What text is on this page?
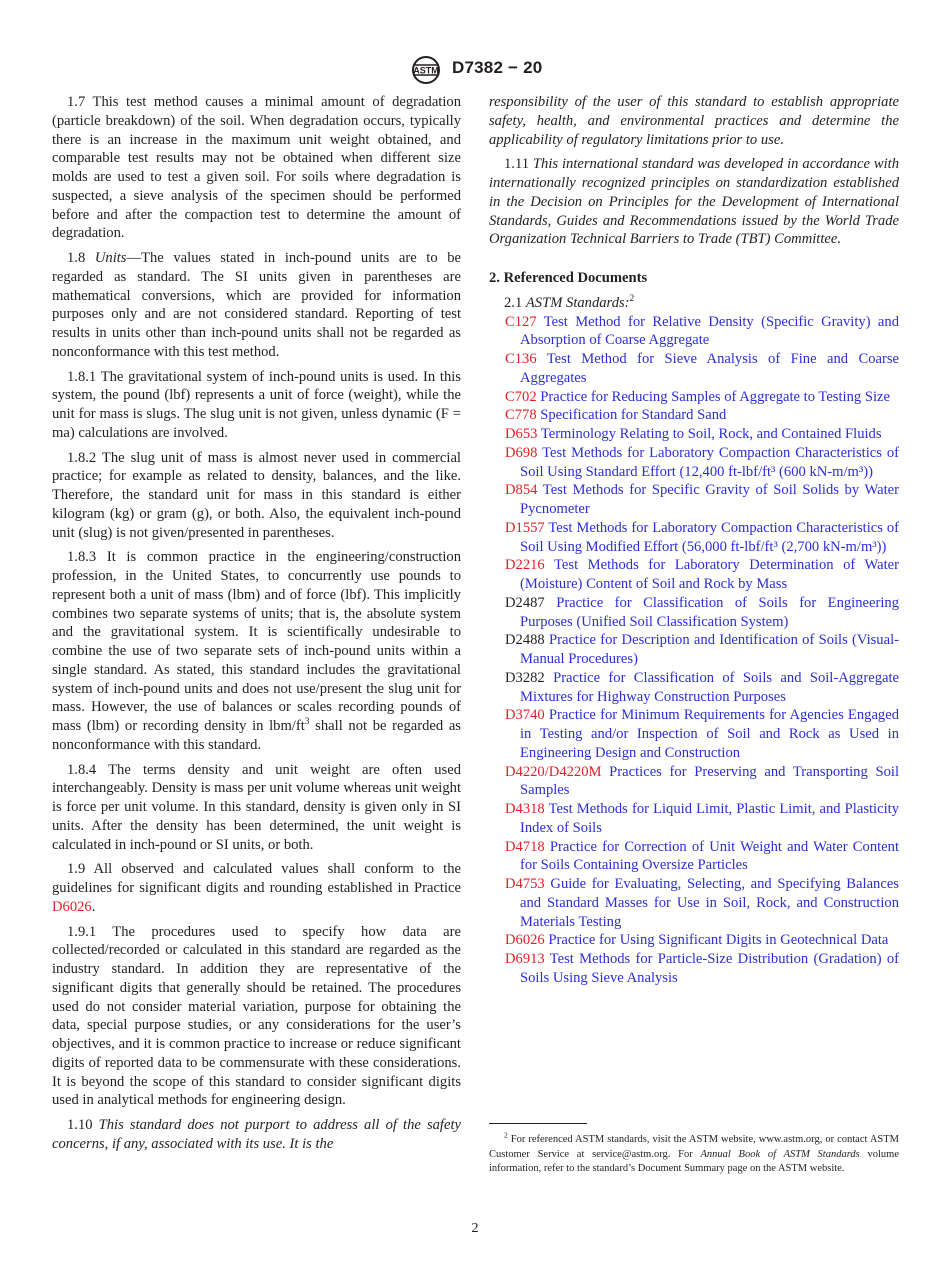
ASTM D7382 − 20

1.7 This test method causes a minimal amount of degradation (particle breakdown) of the soil. When degradation occurs, typically there is an increase in the maximum unit weight obtained, and comparable test results may not be obtained when different size molds are used to test a given soil. For soils where degradation is suspected, a sieve analysis of the specimen should be performed before and after the compaction test to determine the amount of degradation.

1.8 Units—The values stated in inch-pound units are to be regarded as standard. The SI units given in parentheses are mathematical conversions, which are provided for information purposes only and are not considered standard. Reporting of test results in units other than inch-pound units shall not be regarded as nonconformance with this test method.

1.8.1 The gravitational system of inch-pound units is used. In this system, the pound (lbf) represents a unit of force (weight), while the unit for mass is slugs. The slug unit is not given, unless dynamic (F = ma) calculations are involved.

1.8.2 The slug unit of mass is almost never used in commercial practice; for example as related to density, balances, and the like. Therefore, the standard unit for mass in this standard is either kilogram (kg) or gram (g), or both. Also, the equivalent inch-pound unit (slug) is not given/presented in parentheses.

1.8.3 It is common practice in the engineering/construction profession, in the United States, to concurrently use pounds to represent both a unit of mass (lbm) and of force (lbf). This implicitly combines two separate systems of units; that is, the absolute system and the gravitational system. It is scientifically undesirable to combine the use of two separate sets of inch-pound units within a single standard. As stated, this standard includes the gravitational system of inch-pound units and does not use/present the slug unit for mass. However, the use of balances or scales recording pounds of mass (lbm) or recording density in lbm/$ft^3$ shall not be regarded as nonconformance with this standard.

1.8.4 The terms density and unit weight are often used interchangeably. Density is mass per unit volume whereas unit weight is force per unit volume. In this standard, density is given only in SI units. After the density has been determined, the unit weight is calculated in inch-pound or SI units, or both.

1.9 All observed and calculated values shall conform to the guidelines for significant digits and rounding established in Practice D6026.

1.9.1 The procedures used to specify how data are collected/recorded or calculated in this standard are regarded as the industry standard. In addition they are representative of the significant digits that generally should be retained. The procedures used do not consider material variation, purpose for obtaining the data, special purpose studies, or any considerations for the user’s objectives, and it is common practice to increase or reduce significant digits of reported data to be commensurate with these considerations. It is beyond the scope of this standard to consider significant digits used in analytical methods for engineering design.

1.10 This standard does not purport to address all of the safety concerns, if any, associated with its use. It is the

responsibility of the user of this standard to establish appropriate safety, health, and environmental practices and determine the applicability of regulatory limitations prior to use.

1.11 This international standard was developed in accordance with internationally recognized principles on standardization established in the Decision on Principles for the Development of International Standards, Guides and Recommendations issued by the World Trade Organization Technical Barriers to Trade (TBT) Committee.

2. Referenced Documents

2.1 ASTM Standards:$^2$

C127 Test Method for Relative Density (Specific Gravity) and Absorption of Coarse Aggregate
C136 Test Method for Sieve Analysis of Fine and Coarse Aggregates
C702 Practice for Reducing Samples of Aggregate to Testing Size
C778 Specification for Standard Sand
D653 Terminology Relating to Soil, Rock, and Contained Fluids
D698 Test Methods for Laboratory Compaction Characteristics of Soil Using Standard Effort (12,400 ft-lbf/ft³ (600 kN-m/m³))
D854 Test Methods for Specific Gravity of Soil Solids by Water Pycnometer
D1557 Test Methods for Laboratory Compaction Characteristics of Soil Using Modified Effort (56,000 ft-lbf/ft³ (2,700 kN-m/m³))
D2216 Test Methods for Laboratory Determination of Water (Moisture) Content of Soil and Rock by Mass
D2487 Practice for Classification of Soils for Engineering Purposes (Unified Soil Classification System)
D2488 Practice for Description and Identification of Soils (Visual-Manual Procedures)
D3282 Practice for Classification of Soils and Soil-Aggregate Mixtures for Highway Construction Purposes
D3740 Practice for Minimum Requirements for Agencies Engaged in Testing and/or Inspection of Soil and Rock as Used in Engineering Design and Construction
D4220/D4220M Practices for Preserving and Transporting Soil Samples
D4318 Test Methods for Liquid Limit, Plastic Limit, and Plasticity Index of Soils
D4718 Practice for Correction of Unit Weight and Water Content for Soils Containing Oversize Particles
D4753 Guide for Evaluating, Selecting, and Specifying Balances and Standard Masses for Use in Soil, Rock, and Construction Materials Testing
D6026 Practice for Using Significant Digits in Geotechnical Data
D6913 Test Methods for Particle-Size Distribution (Gradation) of Soils Using Sieve Analysis
$^2$ For referenced ASTM standards, visit the ASTM website, www.astm.org, or contact ASTM Customer Service at service@astm.org. For Annual Book of ASTM Standards volume information, refer to the standard’s Document Summary page on the ASTM website.
2
